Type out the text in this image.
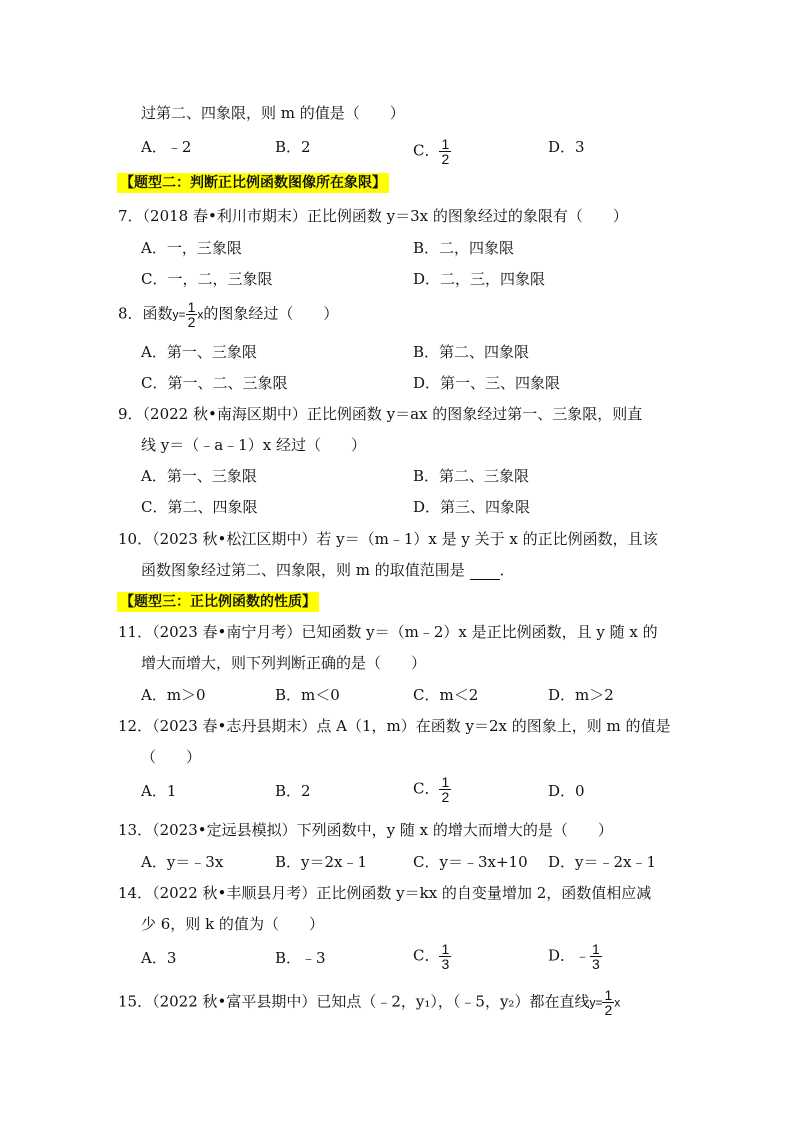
过第二、四象限，则 m 的值是（　　）
A．﹣2	B．2	C． $\frac{1}{2}$	D．3
【题型二：判断正比例函数图像所在象限】
7．（2018 春•利川市期末）正比例函数 y＝3x 的图象经过的象限有（　　）
A．一，三象限	B．二，四象限
C．一，二，三象限	D．二，三，四象限
8．函数$y= \frac{1}{2}$ x的图象经过（　　）
A．第一、三象限	B．第二、四象限
C．第一、二、三象限	D．第一、三、四象限
9．（2022 秋•南海区期中）正比例函数 y＝ax 的图象经过第一、三象限，则直
线 y＝（﹣a﹣1）x 经过（　　）
A．第一、三象限	B．第二、三象限
C．第二、四象限	D．第三、四象限
10．（2023 秋•松江区期中）若 y＝（m﹣1）x 是 y 关于 x 的正比例函数，且该
函数图象经过第二、四象限，则 m 的取值范围是 ．
【题型三：正比例函数的性质】
11．（2023 春•南宁月考）已知函数 y＝（m﹣2）x 是正比例函数，且 y 随 x 的
增大而增大，则下列判断正确的是（　　）
A．m＞0	B．m＜0	C．m＜2	D．m＞2
12．（2023 春•志丹县期末）点 A（1，m）在函数 y＝2x 的图象上，则 m 的值是
（　　）
A．1	B．2	C． $\frac{1}{2}$	D．0
13．（2023•定远县模拟）下列函数中，y 随 x 的增大而增大的是（　　）
A．y＝﹣3x	B．y＝2x﹣1	C．y＝﹣3x+10 D．y＝﹣2x﹣1
14．（2022 秋•丰顺县月考）正比例函数 y＝kx 的自变量增加 2，函数值相应减
少 6，则 k 的值为（　　）
A．3	B．﹣3	C． $\frac{1}{3}$	D．﹣ $\frac{1}{3}$
15．（2022 秋•富平县期中）已知点（﹣2，y₁），（﹣5，y₂）都在直线$y= \frac{1}{2}$ x
